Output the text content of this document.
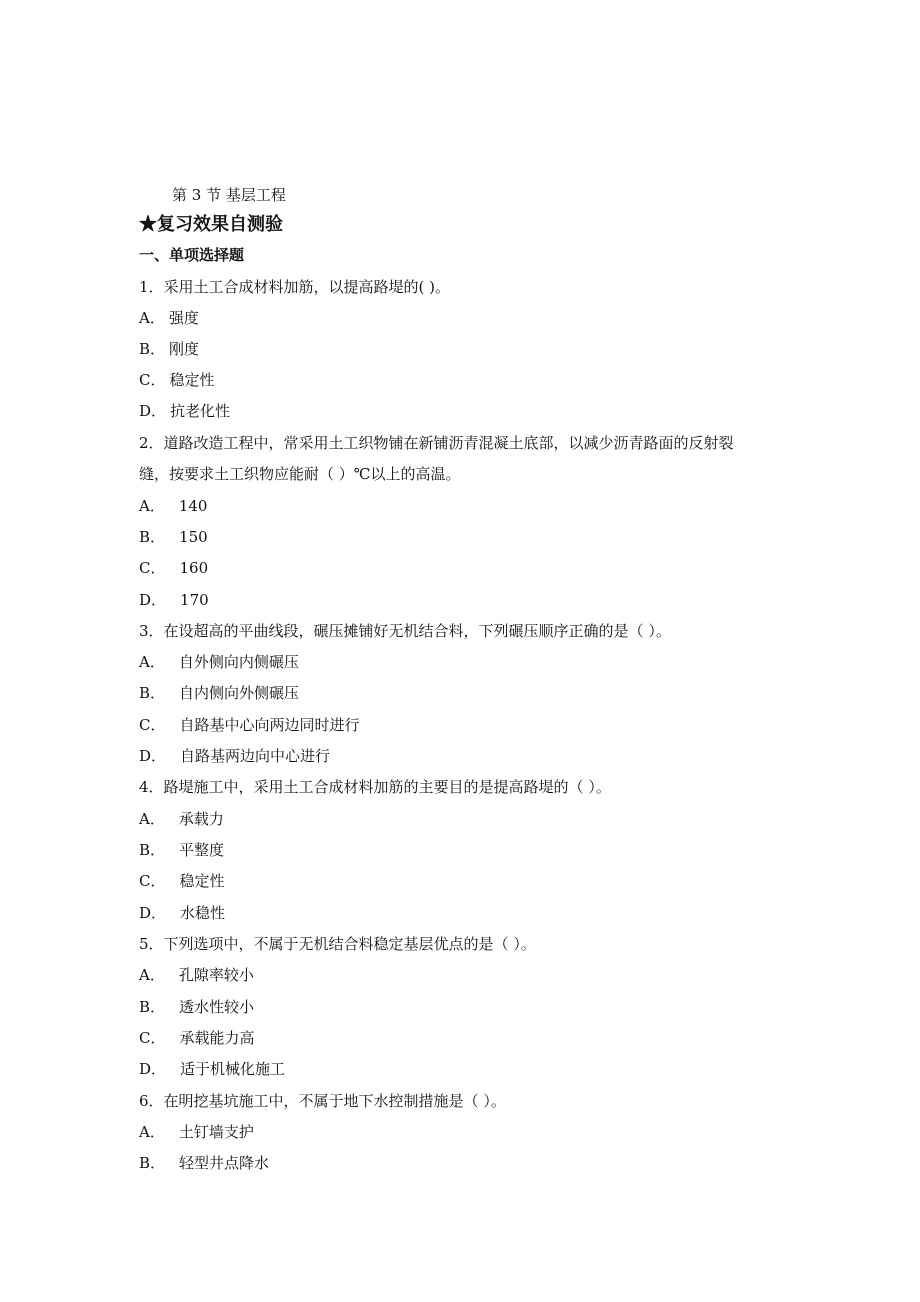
第 3 节 基层工程
★复习效果自测验
一、单项选择题
1．采用土工合成材料加筋，以提高路堤的( )。
A． 强度
B． 刚度
C． 稳定性
D． 抗老化性
2．道路改造工程中，常采用土工织物铺在新铺沥青混凝土底部，以减少沥青路面的反射裂
缝，按要求土工织物应能耐（ ）℃以上的高温。
A． 140
B． 150
C． 160
D． 170
3．在设超高的平曲线段，碾压摊铺好无机结合料，下列碾压顺序正确的是（ ）。
A． 自外侧向内侧碾压
B． 自内侧向外侧碾压
C． 自路基中心向两边同时进行
D． 自路基两边向中心进行
4．路堤施工中，采用土工合成材料加筋的主要目的是提高路堤的（ ）。
A． 承载力
B． 平整度
C． 稳定性
D． 水稳性
5．下列选项中，不属于无机结合料稳定基层优点的是（ ）。
A． 孔隙率较小
B． 透水性较小
C． 承载能力高
D． 适于机械化施工
6．在明挖基坑施工中，不属于地下水控制措施是（ ）。
A． 土钉墙支护
B． 轻型井点降水
